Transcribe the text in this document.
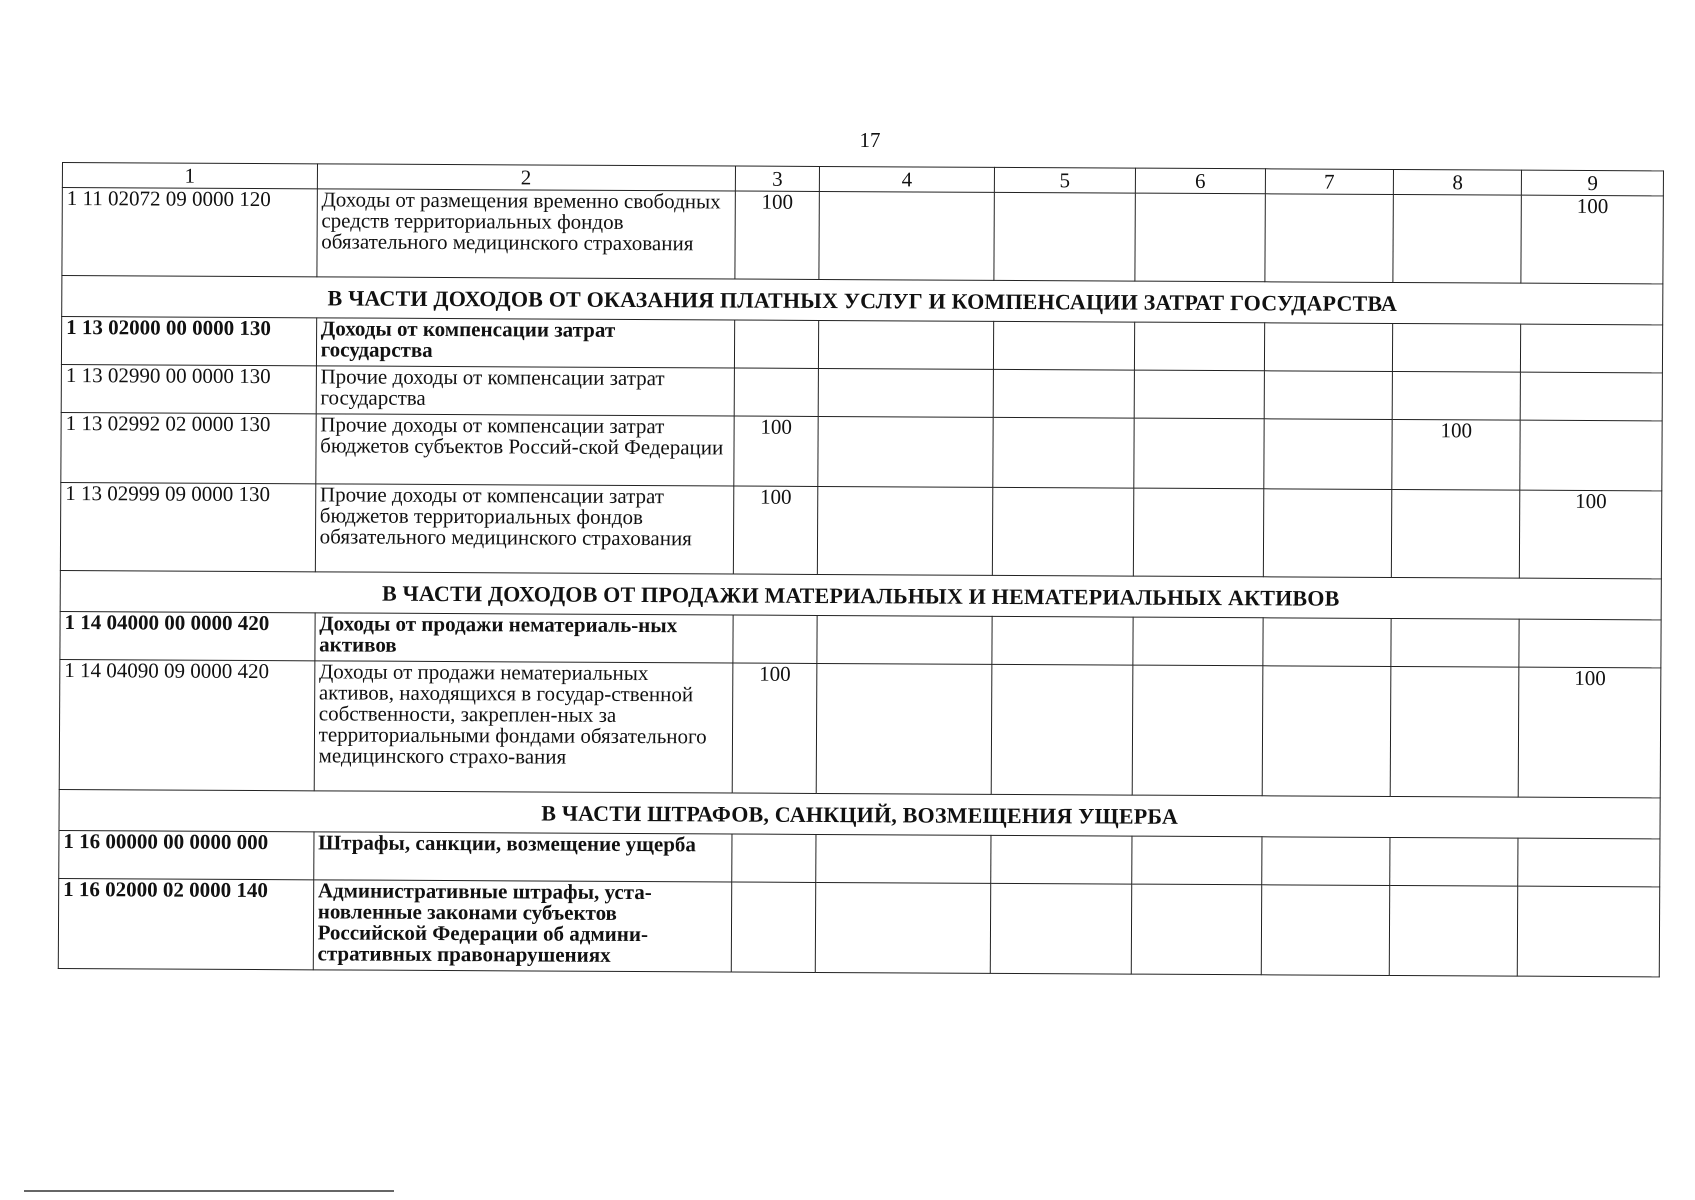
17
1	2	3	4	5	6	7	8	9
1 11 02072 09 0000 120	Доходы от размещения временно свободных средств территориальных фондов обязательного медицинского страхования	100						100
В ЧАСТИ ДОХОДОВ ОТ ОКАЗАНИЯ ПЛАТНЫХ УСЛУГ И КОМПЕНСАЦИИ ЗАТРАТ ГОСУДАРСТВА								
1 13 02000 00 0000 130	Доходы от компенсации затрат государства							
1 13 02990 00 0000 130	Прочие доходы от компенсации затрат государства							
1 13 02992 02 0000 130	Прочие доходы от компенсации затрат бюджетов субъектов Россий-ской Федерации	100					100	
1 13 02999 09 0000 130	Прочие доходы от компенсации затрат бюджетов территориальных фондов обязательного медицинского страхования	100						100
В ЧАСТИ ДОХОДОВ ОТ ПРОДАЖИ МАТЕРИАЛЬНЫХ И НЕМАТЕРИАЛЬНЫХ АКТИВОВ								
1 14 04000 00 0000 420	Доходы от продажи нематериаль-ных активов							
1 14 04090 09 0000 420	Доходы от продажи нематериальных активов, находящихся в государ-ственной собственности, закреплен-ных за территориальными фондами обязательного медицинского страхо-вания	100						100
В ЧАСТИ ШТРАФОВ, САНКЦИЙ, ВОЗМЕЩЕНИЯ УЩЕРБА								
1 16 00000 00 0000 000	Штрафы, санкции, возмещение ущерба							
1 16 02000 02 0000 140	Административные штрафы, уста-новленные законами субъектов Российской Федерации об админи-стративных правонарушениях							
